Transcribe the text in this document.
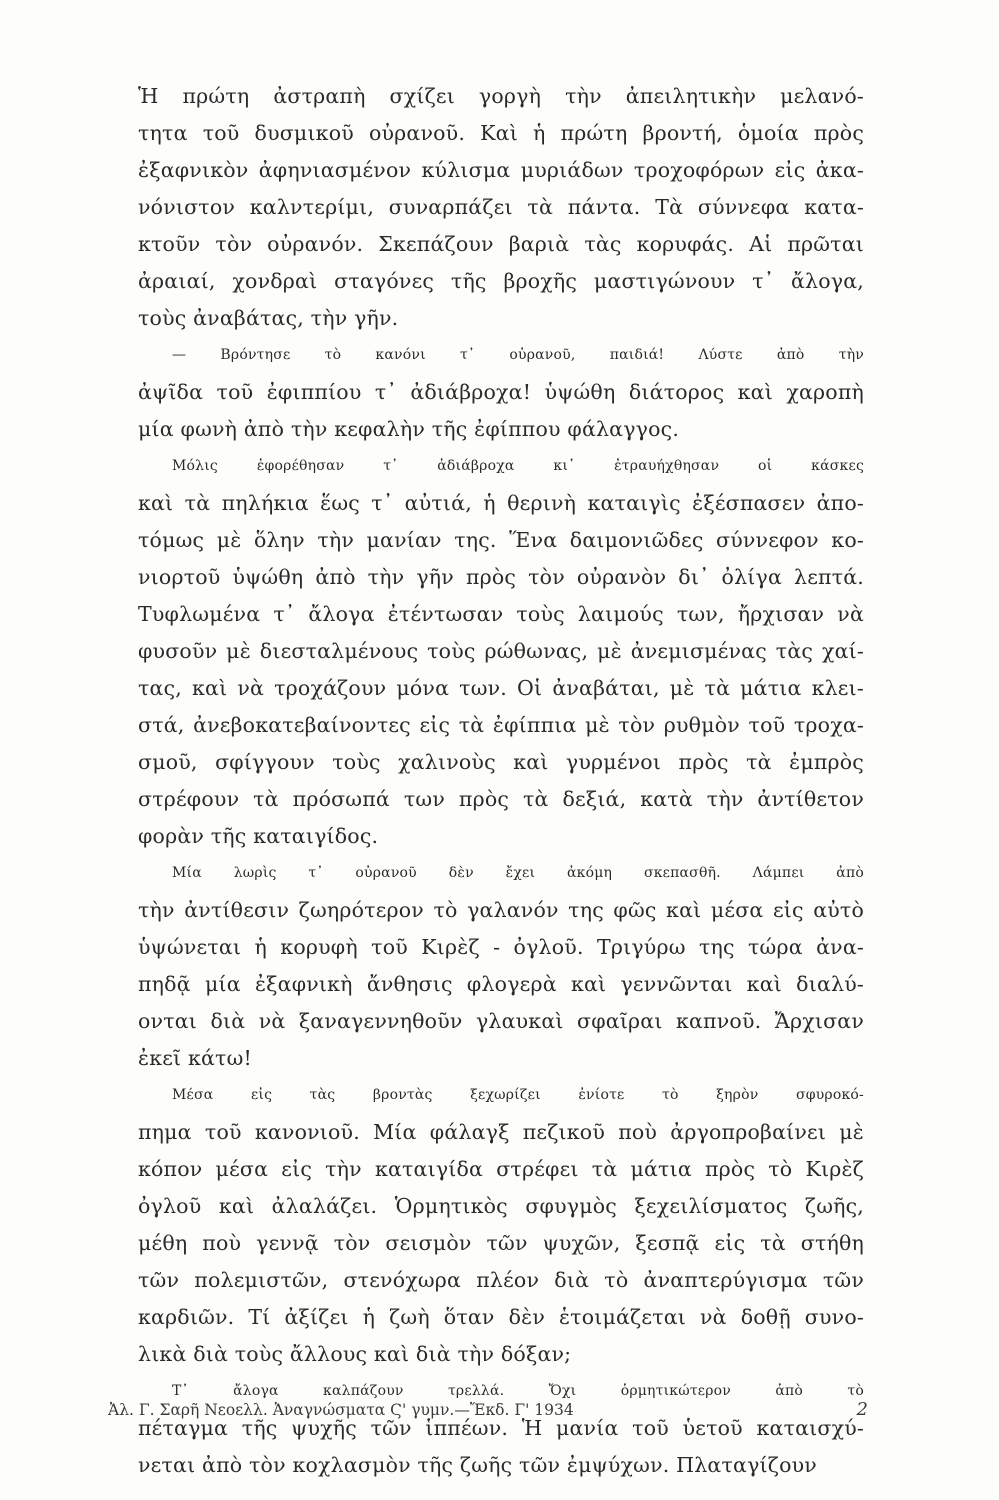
Ἡ πρώτη ἀστραπὴ σχίζει γοργὴ τὴν ἀπειλητικὴν μελανό-
τητα τοῦ δυσμικοῦ οὐρανοῦ. Καὶ ἡ πρώτη βροντή, ὁμοία πρὸς
ἐξαφνικὸν ἀφηνιασμένον κύλισμα μυριάδων τροχοφόρων εἰς ἀκα-
νόνιστον καλντερίμι, συναρπάζει τὰ πάντα. Τὰ σύννεφα κατα-
κτοῦν τὸν οὐρανόν. Σκεπάζουν βαριὰ τὰς κορυφάς. Αἱ πρῶται
ἀραιαί, χονδραὶ σταγόνες τῆς βροχῆς μαστιγώνουν τ᾽ ἄλογα,
τοὺς ἀναβάτας, τὴν γῆν.
— Βρόντησε τὸ κανόνι τ᾽ οὐρανοῦ, παιδιά! Λύστε ἀπὸ τὴν
ἀψῖδα τοῦ ἐφιππίου τ᾽ ἀδιάβροχα! ὑψώθη διάτορος καὶ χαροπὴ
μία φωνὴ ἀπὸ τὴν κεφαλὴν τῆς ἐφίππου φάλαγγος.
Μόλις ἐφορέθησαν τ᾽ ἀδιάβροχα κι᾽ ἐτραυήχθησαν οἱ κάσκες
καὶ τὰ πηλήκια ἕως τ᾽ αὐτιά, ἡ θερινὴ καταιγὶς ἐξέσπασεν ἀπο-
τόμως μὲ ὅλην τὴν μανίαν της. Ἕνα δαιμονιῶδες σύννεφον κο-
νιορτοῦ ὑψώθη ἀπὸ τὴν γῆν πρὸς τὸν οὐρανὸν δι᾽ ὀλίγα λεπτά.
Τυφλωμένα τ᾽ ἄλογα ἐτέντωσαν τοὺς λαιμούς των, ἤρχισαν νὰ
φυσοῦν μὲ διεσταλμένους τοὺς ρώθωνας, μὲ ἀνεμισμένας τὰς χαί-
τας, καὶ νὰ τροχάζουν μόνα των. Οἱ ἀναβάται, μὲ τὰ μάτια κλει-
στά, ἀνεβοκατεβαίνοντες εἰς τὰ ἐφίππια μὲ τὸν ρυθμὸν τοῦ τροχα-
σμοῦ, σφίγγουν τοὺς χαλινοὺς καὶ γυρμένοι πρὸς τὰ ἐμπρὸς
στρέφουν τὰ πρόσωπά των πρὸς τὰ δεξιά, κατὰ τὴν ἀντίθετον
φορὰν τῆς καταιγίδος.
Μία λωρὶς τ᾽ οὐρανοῦ δὲν ἔχει ἀκόμη σκεπασθῆ. Λάμπει ἀπὸ
τὴν ἀντίθεσιν ζωηρότερον τὸ γαλανόν της φῶς καὶ μέσα εἰς αὐτὸ
ὑψώνεται ἡ κορυφὴ τοῦ Κιρὲζ - ὀγλοῦ. Τριγύρω της τώρα ἀνα-
πηδᾷ μία ἐξαφνικὴ ἄνθησις φλογερὰ καὶ γεννῶνται καὶ διαλύ-
ονται διὰ νὰ ξαναγεννηθοῦν γλαυκαὶ σφαῖραι καπνοῦ. Ἄρχισαν
ἐκεῖ κάτω!
Μέσα εἰς τὰς βροντὰς ξεχωρίζει ἐνίοτε τὸ ξηρὸν σφυροκό-
πημα τοῦ κανονιοῦ. Μία φάλαγξ πεζικοῦ ποὺ ἀργοπροβαίνει μὲ
κόπον μέσα εἰς τὴν καταιγίδα στρέφει τὰ μάτια πρὸς τὸ Κιρὲζ
ὀγλοῦ καὶ ἀλαλάζει. Ὁρμητικὸς σφυγμὸς ξεχειλίσματος ζωῆς,
μέθη ποὺ γεννᾷ τὸν σεισμὸν τῶν ψυχῶν, ξεσπᾷ εἰς τὰ στήθη
τῶν πολεμιστῶν, στενόχωρα πλέον διὰ τὸ ἀναπτερύγισμα τῶν
καρδιῶν. Τί ἀξίζει ἡ ζωὴ ὅταν δὲν ἑτοιμάζεται νὰ δοθῇ συνο-
λικὰ διὰ τοὺς ἄλλους καὶ διὰ τὴν δόξαν;
Τ᾽ ἄλογα καλπάζουν τρελλά. Ὄχι ὁρμητικώτερον ἀπὸ τὸ
πέταγμα τῆς ψυχῆς τῶν ἱππέων. Ἡ μανία τοῦ ὑετοῦ καταισχύ-
νεται ἀπὸ τὸν κοχλασμὸν τῆς ζωῆς τῶν ἐμψύχων. Πλαταγίζουν
Ἀλ. Γ. Σαρῆ Νεοελλ. Ἀναγνώσματα Ϛ' γυμν.—Ἔκδ. Γ' 1934	2
